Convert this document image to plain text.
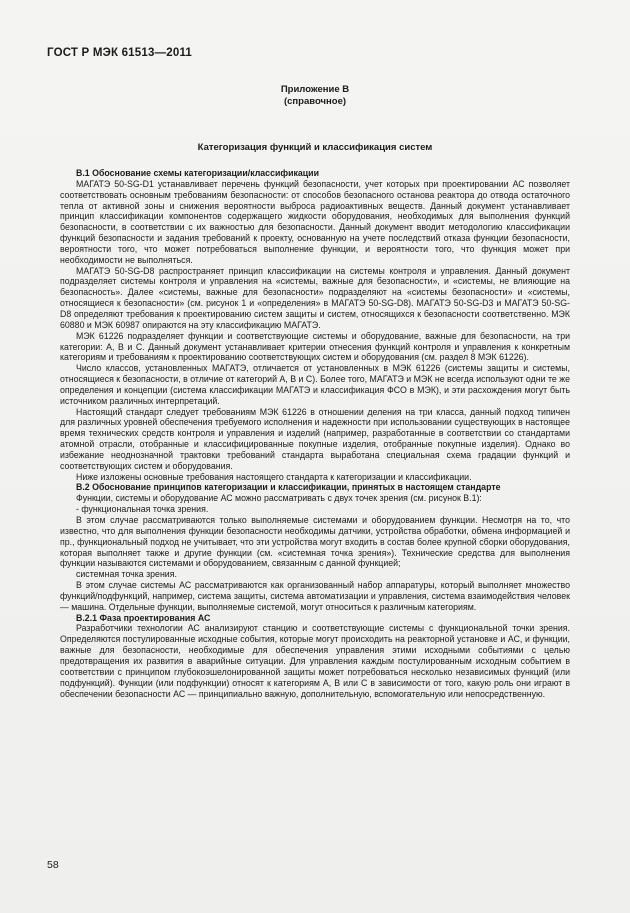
ГОСТ Р МЭК 61513—2011
Приложение В
(справочное)
Категоризация функций и классификация систем

В.1 Обоснование схемы категоризации/классификации

МАГАТЭ 50-SG-D1 устанавливает перечень функций безопасности, учет которых при проектировании АС позволяет соответствовать основным требованиям безопасности: от способов безопасного останова реактора до отвода остаточного тепла от активной зоны и снижения вероятности выброса радиоактивных веществ. Данный документ устанавливает принцип классификации компонентов содержащего жидкости оборудования, необходимых для выполнения функций безопасности, в соответствии с их важностью для безопасности. Данный документ вводит методологию классификации функций безопасности и задания требований к проекту, основанную на учете последствий отказа функции безопасности, вероятности того, что может потребоваться выполнение функции, и вероятности того, что функция может при необходимости не выполняться.

МАГАТЭ 50-SG-D8 распространяет принцип классификации на системы контроля и управления. Данный документ подразделяет системы контроля и управления на «системы, важные для безопасности», и «системы, не влияющие на безопасность». Далее «системы, важные для безопасности» подразделяют на «системы безопасности» и «системы, относящиеся к безопасности» (см. рисунок 1 и «определения» в МАГАТЭ 50-SG-D8). МАГАТЭ 50-SG-D3 и МАГАТЭ 50-SG-D8 определяют требования к проектированию систем защиты и систем, относящихся к безопасности соответственно. МЭК 60880 и МЭК 60987 опираются на эту классификацию МАГАТЭ.

МЭК 61226 подразделяет функции и соответствующие системы и оборудование, важные для безопасности, на три категории: А, В и С. Данный документ устанавливает критерии отнесения функций контроля и управления к конкретным категориям и требованиям к проектированию соответствующих систем и оборудования (см. раздел 8 МЭК 61226).

Число классов, установленных МАГАТЭ, отличается от установленных в МЭК 61226 (системы защиты и системы, относящиеся к безопасности, в отличие от категорий А, В и С). Более того, МАГАТЭ и МЭК не всегда используют одни те же определения и концепции (система классификации МАГАТЭ и классификация ФСО в МЭК), и эти расхождения могут быть источником различных интерпретаций.

Настоящий стандарт следует требованиям МЭК 61226 в отношении деления на три класса, данный подход типичен для различных уровней обеспечения требуемого исполнения и надежности при использовании существующих в настоящее время технических средств контроля и управления и изделий (например, разработанные в соответствии со стандартами атомной отрасли, отобранные и классифицированные покупные изделия, отобранные покупные изделия). Однако во избежание неоднозначной трактовки требований стандарта выработана специальная схема градации функций и соответствующих систем и оборудования.

Ниже изложены основные требования настоящего стандарта к категоризации и классификации.

В.2 Обоснование принципов категоризации и классификации, принятых в настоящем стандарте

Функции, системы и оборудование АС можно рассматривать с двух точек зрения (см. рисунок В.1):

- функциональная точка зрения.

В этом случае рассматриваются только выполняемые системами и оборудованием функции. Несмотря на то, что известно, что для выполнения функции безопасности необходимы датчики, устройства обработки, обмена информацией и пр., функциональный подход не учитывает, что эти устройства могут входить в состав более крупной сборки оборудования, которая выполняет также и другие функции (см. «системная точка зрения»). Технические средства для выполнения функции называются системами и оборудованием, связанным с данной функцией;

системная точка зрения.

В этом случае системы АС рассматриваются как организованный набор аппаратуры, который выполняет множество функций/подфункций, например, система защиты, система автоматизации и управления, система взаимодействия человек — машина. Отдельные функции, выполняемые системой, могут относиться к различным категориям.

В.2.1 Фаза проектирования АС

Разработчики технологии АС анализируют станцию и соответствующие системы с функциональной точки зрения. Определяются постулированные исходные события, которые могут происходить на реакторной установке и АС, и функции, важные для безопасности, необходимые для обеспечения управления этими исходными событиями с целью предотвращения их развития в аварийные ситуации. Для управления каждым постулированным исходным событием в соответствии с принципом глубокоэшелонированной защиты может потребоваться несколько независимых функций (или подфункций). Функции (или подфункции) относят к категориям А, В или С в зависимости от того, какую роль они играют в обеспечении безопасности АС — принципиально важную, дополнительную, вспомогательную или непосредственную.

58
